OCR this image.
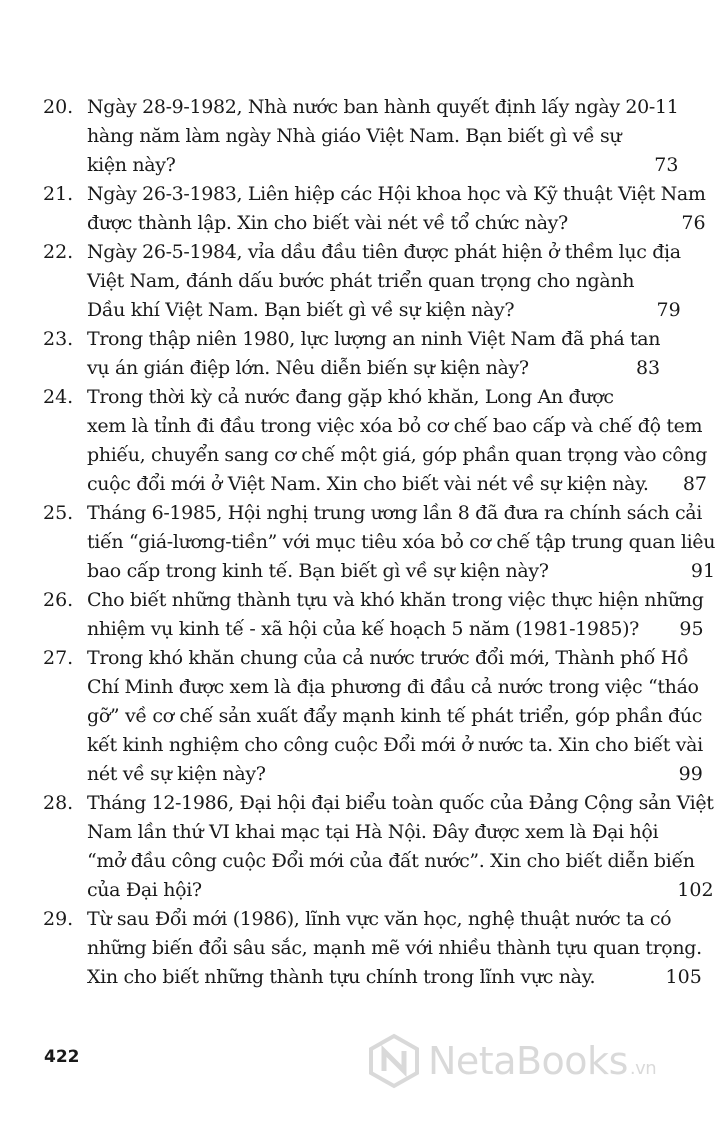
20. Ngày 28-9-1982, Nhà nước ban hành quyết định lấy ngày 20-11
hàng năm làm ngày Nhà giáo Việt Nam. Bạn biết gì về sự
kiện này?	73
21. Ngày 26-3-1983, Liên hiệp các Hội khoa học và Kỹ thuật Việt Nam
được thành lập. Xin cho biết vài nét về tổ chức này?	76
22. Ngày 26-5-1984, vỉa dầu đầu tiên được phát hiện ở thềm lục địa
Việt Nam, đánh dấu bước phát triển quan trọng cho ngành
Dầu khí Việt Nam. Bạn biết gì về sự kiện này?	79
23. Trong thập niên 1980, lực lượng an ninh Việt Nam đã phá tan
vụ án gián điệp lớn. Nêu diễn biến sự kiện này?	83
24. Trong thời kỳ cả nước đang gặp khó khăn, Long An được
xem là tỉnh đi đầu trong việc xóa bỏ cơ chế bao cấp và chế độ tem
phiếu, chuyển sang cơ chế một giá, góp phần quan trọng vào công
cuộc đổi mới ở Việt Nam. Xin cho biết vài nét về sự kiện này.	87
25. Tháng 6-1985, Hội nghị trung ương lần 8 đã đưa ra chính sách cải
tiến “giá-lương-tiền” với mục tiêu xóa bỏ cơ chế tập trung quan liêu
bao cấp trong kinh tế. Bạn biết gì về sự kiện này?	91
26. Cho biết những thành tựu và khó khăn trong việc thực hiện những
nhiệm vụ kinh tế - xã hội của kế hoạch 5 năm (1981-1985)?	95
27. Trong khó khăn chung của cả nước trước đổi mới, Thành phố Hồ
Chí Minh được xem là địa phương đi đầu cả nước trong việc “tháo
gỡ” về cơ chế sản xuất đẩy mạnh kinh tế phát triển, góp phần đúc
kết kinh nghiệm cho công cuộc Đổi mới ở nước ta. Xin cho biết vài
nét về sự kiện này?	99
28. Tháng 12-1986, Đại hội đại biểu toàn quốc của Đảng Cộng sản Việt
Nam lần thứ VI khai mạc tại Hà Nội. Đây được xem là Đại hội
“mở đầu công cuộc Đổi mới của đất nước”. Xin cho biết diễn biến
của Đại hội?	102
29. Từ sau Đổi mới (1986), lĩnh vực văn học, nghệ thuật nước ta có
những biến đổi sâu sắc, mạnh mẽ với nhiều thành tựu quan trọng.
Xin cho biết những thành tựu chính trong lĩnh vực này.	105
422	NetaBooks .vn
